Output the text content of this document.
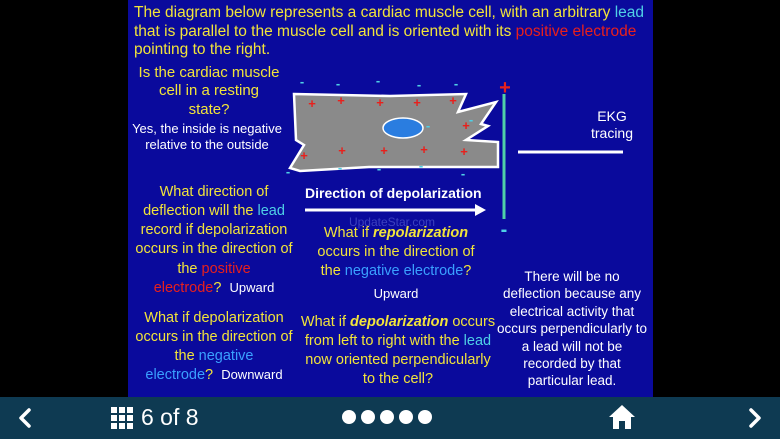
The diagram below represents a cardiac muscle cell, with an arbitrary lead that is parallel to the muscle cell and is oriented with its positive electrode pointing to the right.

Is the cardiac muscle cell in a resting state?

Yes, the inside is negative relative to the outside

+ + + + +
+
+ +	+ + +
- -	-	-	-
-
-	-	-	-
-
-
+
-
UpdateStar.com

Direction of depolarization

EKG tracing

What direction of deflection will the lead record if depolarization occurs in the direction of the positive
electrode? Upward

What if repolarization occurs in the direction of the negative electrode?

Upward

What if depolarization occurs in the direction of the negative
electrode? Downward

What if depolarization occurs from left to right with the lead now oriented perpendicularly to the cell?

There will be no deflection because any electrical activity that occurs perpendicularly to a lead will not be recorded by that particular lead.

6 of 8
